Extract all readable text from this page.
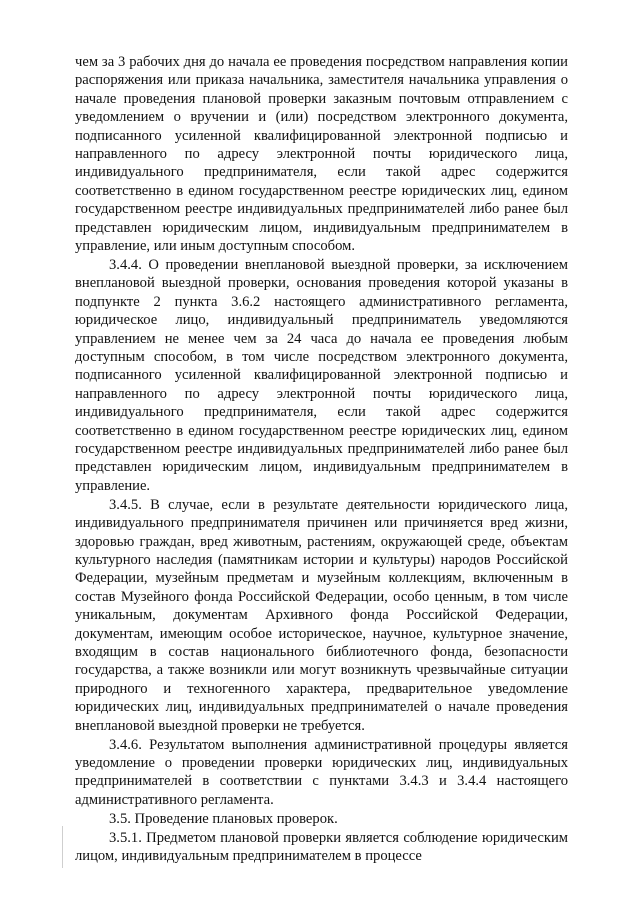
чем за 3 рабочих дня до начала ее проведения посредством направления копии распоряжения или приказа начальника, заместителя начальника управления о начале проведения плановой проверки заказным почтовым отправлением с уведомлением о вручении и (или) посредством электронного документа, подписанного усиленной квалифицированной электронной подписью и направленного по адресу электронной почты юридического лица, индивидуального предпринимателя, если такой адрес содержится соответственно в едином государственном реестре юридических лиц, едином государственном реестре индивидуальных предпринимателей либо ранее был представлен юридическим лицом, индивидуальным предпринимателем в управление, или иным доступным способом.

3.4.4. О проведении внеплановой выездной проверки, за исключением внеплановой выездной проверки, основания проведения которой указаны в подпункте 2 пункта 3.6.2 настоящего административного регламента, юридическое лицо, индивидуальный предприниматель уведомляются управлением не менее чем за 24 часа до начала ее проведения любым доступным способом, в том числе посредством электронного документа, подписанного усиленной квалифицированной электронной подписью и направленного по адресу электронной почты юридического лица, индивидуального предпринимателя, если такой адрес содержится соответственно в едином государственном реестре юридических лиц, едином государственном реестре индивидуальных предпринимателей либо ранее был представлен юридическим лицом, индивидуальным предпринимателем в управление.

3.4.5. В случае, если в результате деятельности юридического лица, индивидуального предпринимателя причинен или причиняется вред жизни, здоровью граждан, вред животным, растениям, окружающей среде, объектам культурного наследия (памятникам истории и культуры) народов Российской Федерации, музейным предметам и музейным коллекциям, включенным в состав Музейного фонда Российской Федерации, особо ценным, в том числе уникальным, документам Архивного фонда Российской Федерации, документам, имеющим особое историческое, научное, культурное значение, входящим в состав национального библиотечного фонда, безопасности государства, а также возникли или могут возникнуть чрезвычайные ситуации природного и техногенного характера, предварительное уведомление юридических лиц, индивидуальных предпринимателей о начале проведения внеплановой выездной проверки не требуется.

3.4.6. Результатом выполнения административной процедуры является уведомление о проведении проверки юридических лиц, индивидуальных предпринимателей в соответствии с пунктами 3.4.3 и 3.4.4 настоящего административного регламента.

3.5. Проведение плановых проверок.

3.5.1. Предметом плановой проверки является соблюдение юридическим лицом, индивидуальным предпринимателем в процессе
